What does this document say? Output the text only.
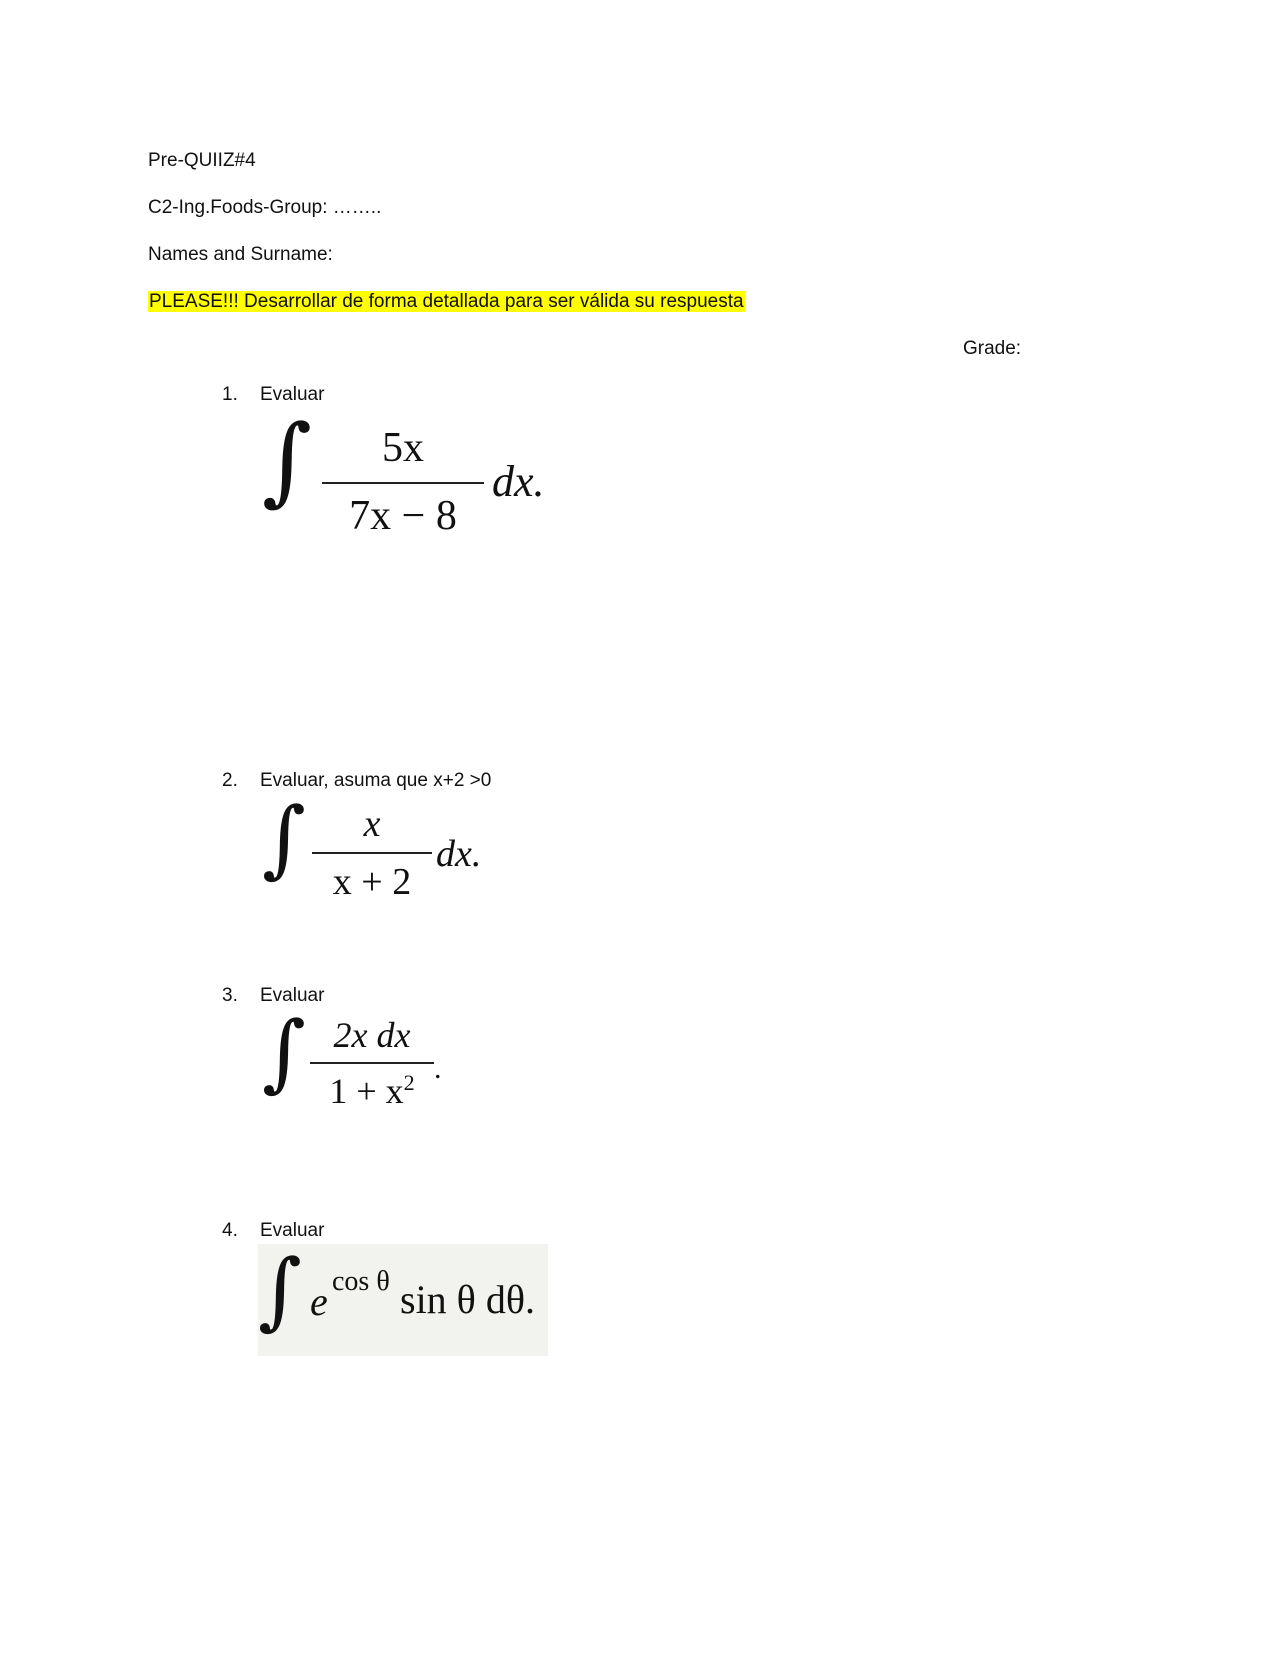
Pre-QUIIZ#4
C2-Ing.Foods-Group: ……..
Names and Surname:
PLEASE!!! Desarrollar de forma detallada para ser válida su respuesta
Grade:
1. Evaluar
∫	5x
7x − 8
dx.
2. Evaluar, asuma que x+2 >0
∫	x
x + 2
dx.
3. Evaluar
∫ 2x dx
$1 + x^2$ .
4. Evaluar
∫ e cos θ sin θ dθ.
